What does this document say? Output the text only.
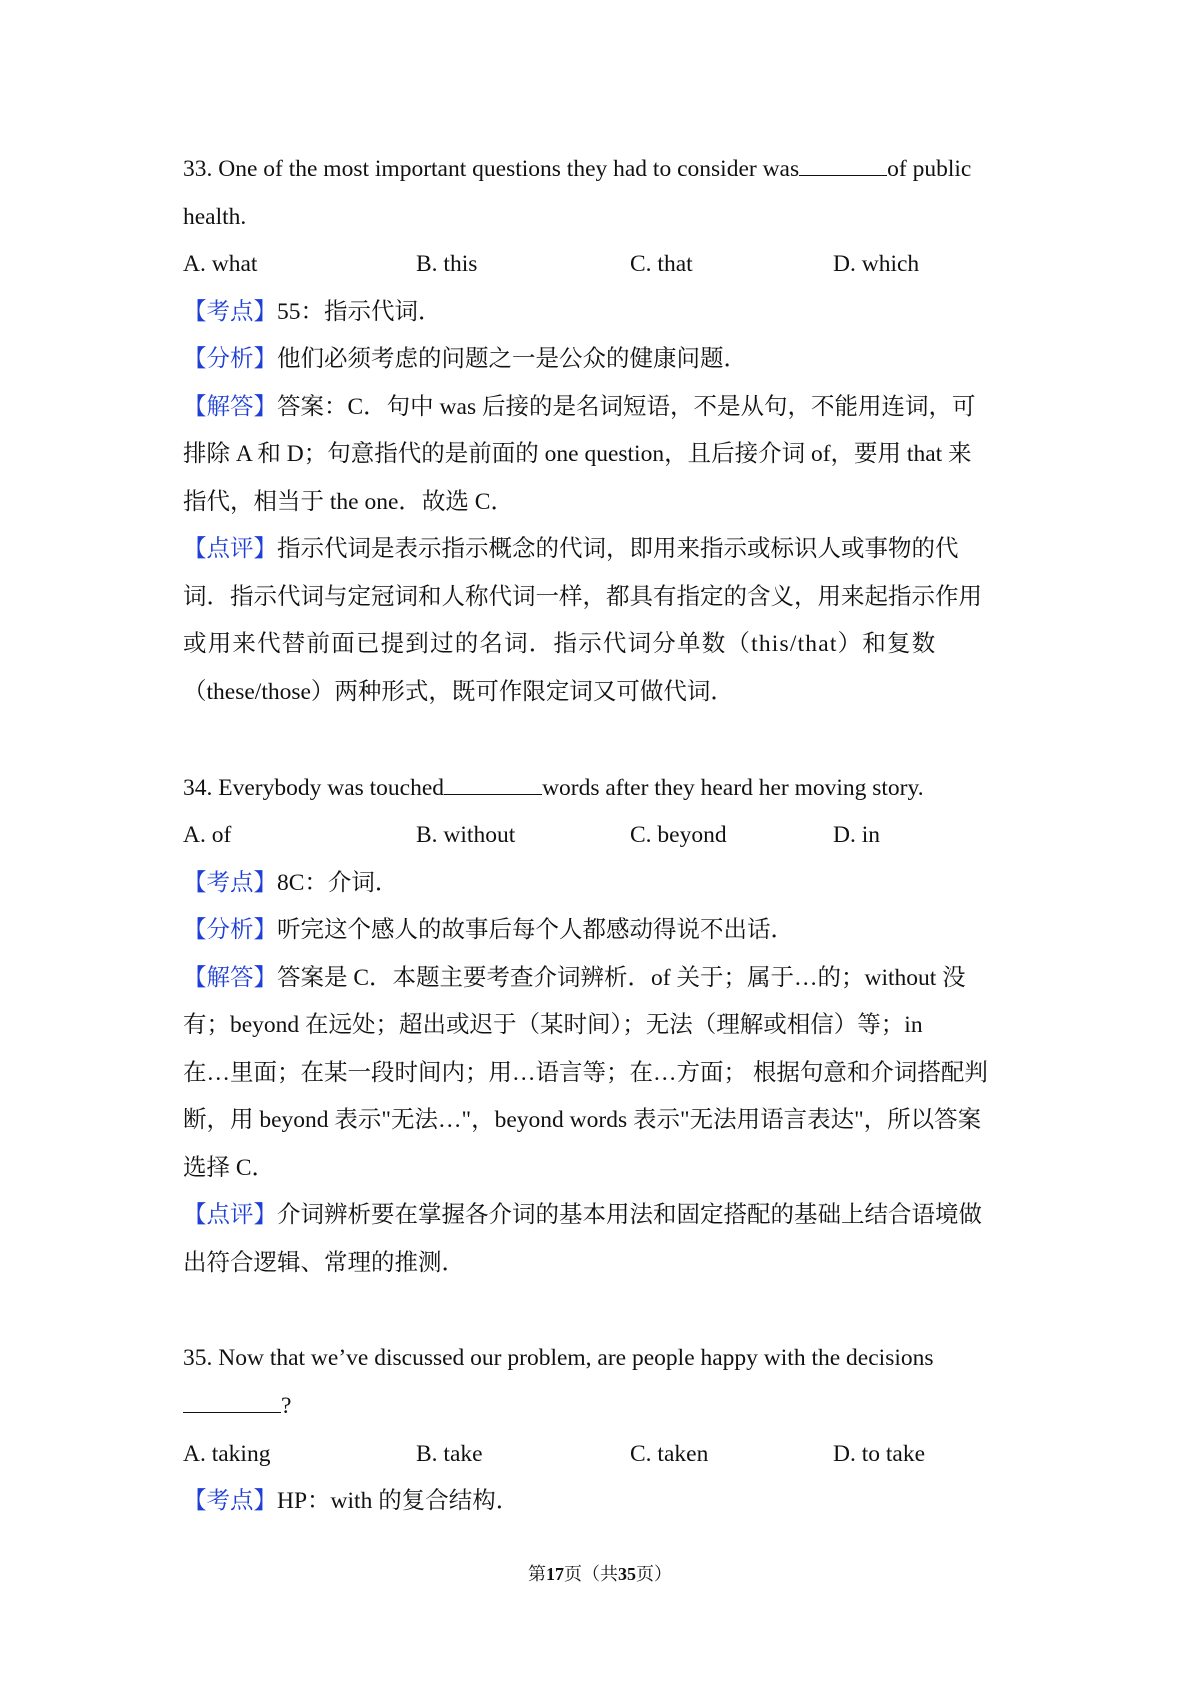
33. One of the most important questions they had to consider was	of public

health.

A. what	B. this	C. that	D. which

【考点】55：指示代词．

【分析】他们必须考虑的问题之一是公众的健康问题．

【解答】答案：C．句中 was 后接的是名词短语，不是从句，不能用连词，可

排除 A 和 D；句意指代的是前面的 one question，且后接介词 of，要用 that 来

指代，相当于 the one．故选 C．

【点评】指示代词是表示指示概念的代词，即用来指示或标识人或事物的代

词．指示代词与定冠词和人称代词一样，都具有指定的含义，用来起指示作用

或用来代替前面已提到过的名词．指示代词分单数（this/that）和复数

（these/those）两种形式，既可作限定词又可做代词．

34. Everybody was touched	words after they heard her moving story.

A. of	B. without	C. beyond	D. in

【考点】8C：介词．

【分析】听完这个感人的故事后每个人都感动得说不出话．

【解答】答案是 C．本题主要考查介词辨析．of 关于；属于…的；without 没

有；beyond 在远处；超出或迟于（某时间）；无法（理解或相信）等；in

在…里面；在某一段时间内；用…语言等；在…方面； 根据句意和介词搭配判

断，用 beyond 表示"无法…"，beyond words 表示"无法用语言表达"，所以答案

选择 C．

【点评】介词辨析要在掌握各介词的基本用法和固定搭配的基础上结合语境做

出符合逻辑、常理的推测．

35. Now that we’ve discussed our problem, are people happy with the decisions

?

A. taking	B. take	C. taken	D. to take

【考点】HP：with 的复合结构．

第17页（共35页）
